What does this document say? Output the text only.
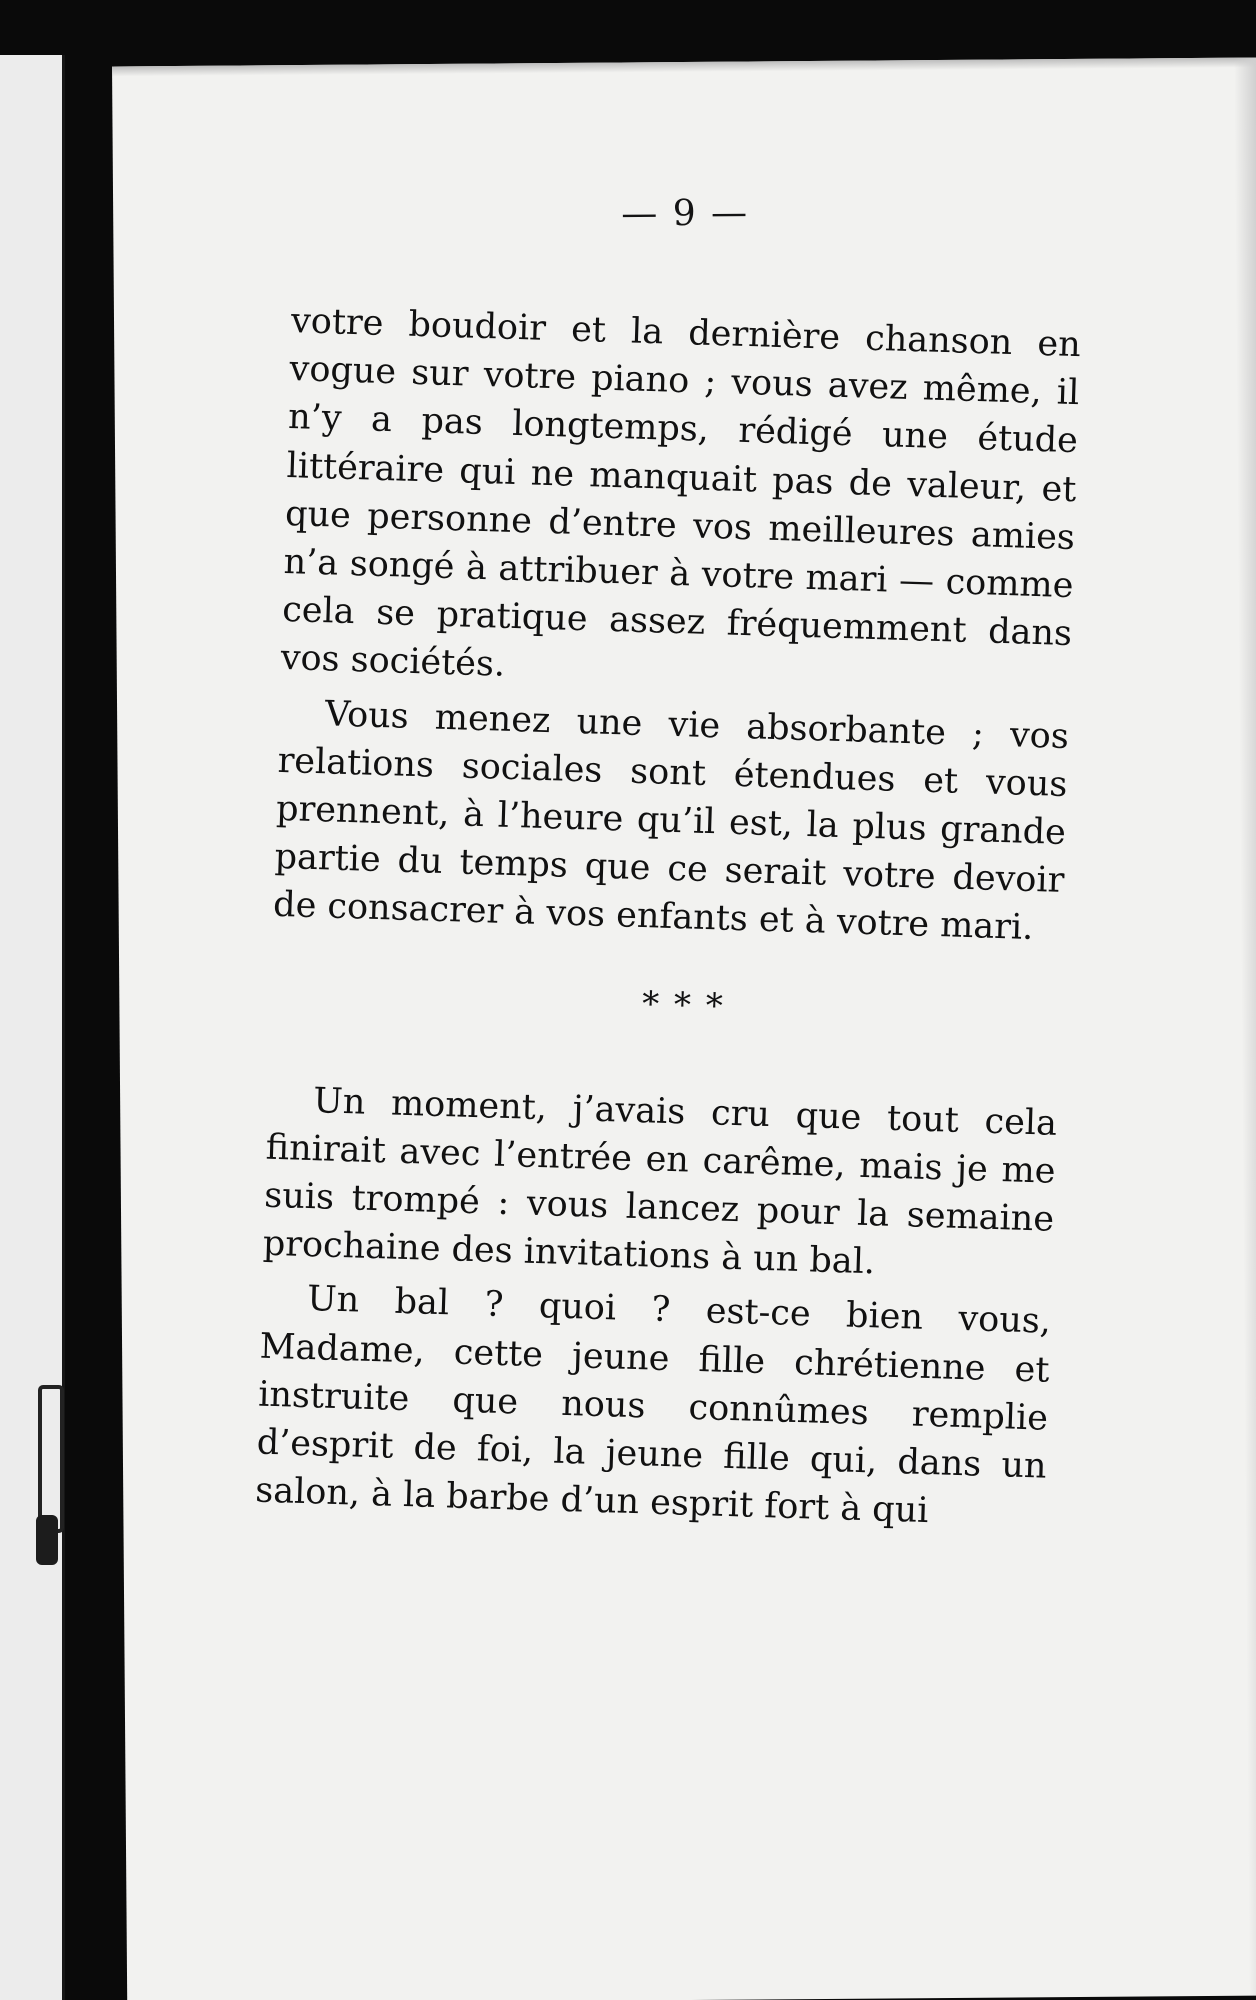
— 9 —

votre boudoir et la dernière chanson en vogue sur votre piano ; vous avez même, il n’y a pas longtemps, rédigé une étude littéraire qui ne manquait pas de valeur, et que personne d’entre vos meilleures amies n’a songé à attribuer à votre mari — comme cela se pratique assez fréquemment dans vos sociétés.

Vous menez une vie absorbante ; vos relations sociales sont étendues et vous prennent, à l’heure qu’il est, la plus grande partie du temps que ce serait votre devoir de consacrer à vos enfants et à votre mari.

* * *

Un moment, j’avais cru que tout cela finirait avec l’entrée en carême, mais je me suis trompé : vous lancez pour la semaine prochaine des invitations à un bal.

Un bal ? quoi ? est-ce bien vous, Madame, cette jeune fille chrétienne et instruite que nous connûmes remplie d’esprit de foi, la jeune fille qui, dans un salon, à la barbe d’un esprit fort à qui
